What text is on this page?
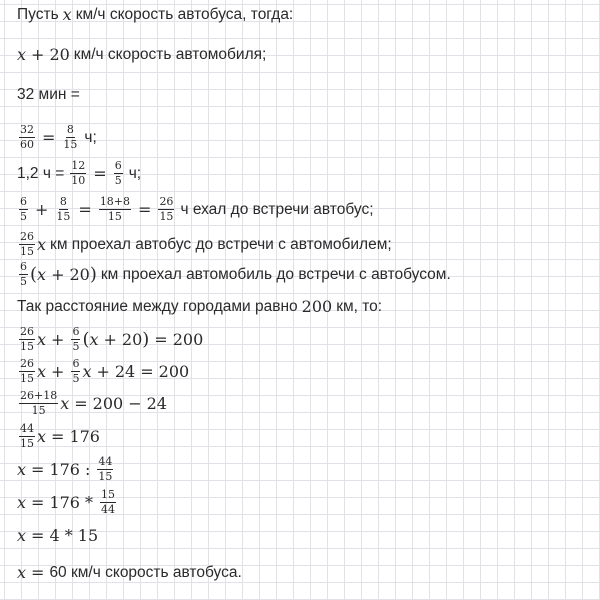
Пусть x км/ч скорость автобуса, тогда:
x + 20 км/ч скорость автомобиля;
32 мин =
$\frac{32}{60} = \frac{8}{15} ч$;
1,2 $ч = \frac{12}{10} = \frac{6}{5} ч$;
$\frac{6}{5} + \frac{8}{15} = \frac{18+8}{15} = \frac{26}{15}$ ч ехал до встречи автобус;
$\frac{26}{15}$ x км проехал автобус до встречи с автомобилем;
$\frac{6}{5}$ ( x + 20 ) км проехал автомобиль до встречи с автобусом.
Так расстояние между городами равно 200 км, то:
$\frac{26}{15}$ $x + \frac{6}{5}$ ( x + 20 ) = 200
$\frac{26}{15}$ $x + \frac{6}{5}$ x + 24 = 200
$\frac{26+18}{15}$ x = 200 − 24
$\frac{44}{15}$ x = 176
x = 176 : $\frac{44}{15}$
$x = 176 * \frac{15}{44}$
x = 4 * 15
x = 60 км/ч скорость автобуса.
